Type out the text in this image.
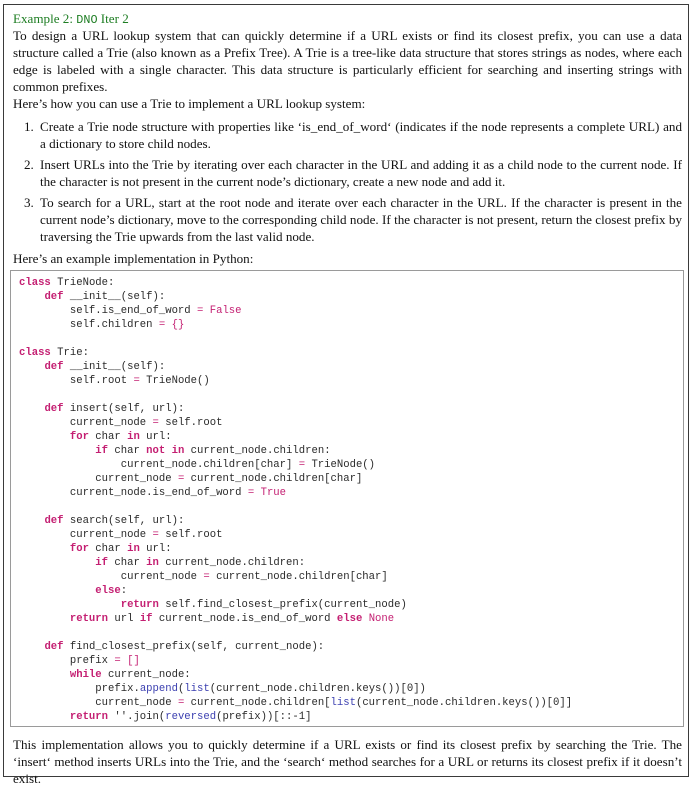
Example 2: DNO Iter 2

To design a URL lookup system that can quickly determine if a URL exists or find its closest prefix, you can use a data structure called a Trie (also known as a Prefix Tree). A Trie is a tree-like data structure that stores strings as nodes, where each edge is labeled with a single character. This data structure is particularly efficient for searching and inserting strings with common prefixes.

Here’s how you can use a Trie to implement a URL lookup system:

1. Create a Trie node structure with properties like ‘is_end_of_word‘ (indicates if the node represents a complete URL) and a dictionary to store child nodes.
2. Insert URLs into the Trie by iterating over each character in the URL and adding it as a child node to the current node. If the character is not present in the current node’s dictionary, create a new node and add it.
3. To search for a URL, start at the root node and iterate over each character in the URL. If the character is present in the current node’s dictionary, move to the corresponding child node. If the character is not present, return the closest prefix by traversing the Trie upwards from the last valid node.

Here’s an example implementation in Python:

class TrieNode:
def __init__(self):
self.is_end_of_word = False
self.children = {}

class Trie:
def __init__(self):
self.root = TrieNode()

def insert(self, url):
current_node = self.root
for char in url:
if char not in current_node.children:
current_node.children[char] = TrieNode()
current_node = current_node.children[char]
current_node.is_end_of_word = True

def search(self, url):
current_node = self.root
for char in url:
if char in current_node.children:
current_node = current_node.children[char]
else:
return self.find_closest_prefix(current_node)
return url if current_node.is_end_of_word else None

def find_closest_prefix(self, current_node):
prefix = []
while current_node:
prefix.append(list(current_node.children.keys())[0])
current_node = current_node.children[list(current_node.children.keys())[0]]
return ''.join(reversed(prefix))[::-1]

This implementation allows you to quickly determine if a URL exists or find its closest prefix by searching the Trie. The ‘insert‘ method inserts URLs into the Trie, and the ‘search‘ method searches for a URL or returns its closest prefix if it doesn’t exist.
